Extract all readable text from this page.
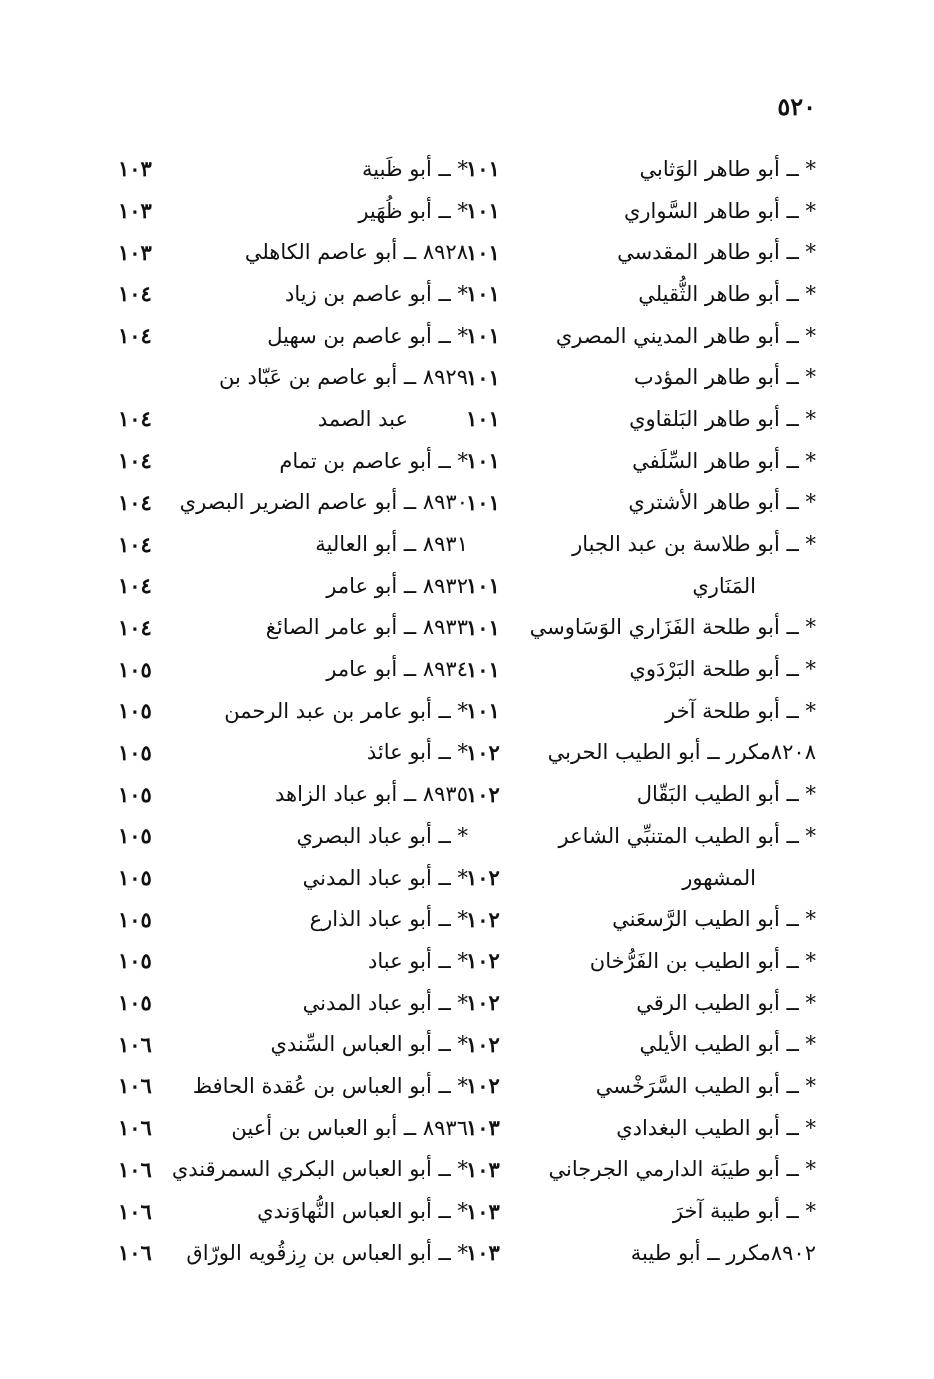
٥٢٠
* ــ أبو طاهر الوَثابي
١٠١
* ــ أبو طاهر السَّواري
١٠١
* ــ أبو طاهر المقدسي
١٠١
* ــ أبو طاهر الثُّقيلي
١٠١
* ــ أبو طاهر المديني المصري
١٠١
* ــ أبو طاهر المؤدب
١٠١
* ــ أبو طاهر البَلقاوي
١٠١
* ــ أبو طاهر السِّلَفي
١٠١
* ــ أبو طاهر الأشتري
١٠١
* ــ أبو طلاسة بن عبد الجبار
المَنَاري
١٠١
* ــ أبو طلحة الفَزَاري الوَسَاوسي
١٠١
* ــ أبو طلحة البَرْدَوي
١٠١
* ــ أبو طلحة آخر
١٠١
٨٢٠٨مكرر ــ أبو الطيب الحربي
١٠٢
* ــ أبو الطيب البَقّال
١٠٢
* ــ أبو الطيب المتنبِّي الشاعر
المشهور
١٠٢
* ــ أبو الطيب الرَّسعَني
١٠٢
* ــ أبو الطيب بن الفَرُّخان
١٠٢
* ــ أبو الطيب الرقي
١٠٢
* ــ أبو الطيب الأيلي
١٠٢
* ــ أبو الطيب السَّرَخْسي
١٠٢
* ــ أبو الطيب البغدادي
١٠٣
* ــ أبو طيبَة الدارمي الجرجاني
١٠٣
* ــ أبو طيبة آخرَ
١٠٣
٨٩٠٢مكرر ــ أبو طيبة
١٠٣
* ــ أبو ظَبية
١٠٣
* ــ أبو ظُهَير
١٠٣
٨٩٢٨ ــ أبو عاصم الكاهلي
١٠٣
* ــ أبو عاصم بن زياد
١٠٤
* ــ أبو عاصم بن سهيل
١٠٤
٨٩٢٩ ــ أبو عاصم بن عَبّاد بن
عبد الصمد
١٠٤
* ــ أبو عاصم بن تمام
١٠٤
٨٩٣٠ ــ أبو عاصم الضرير البصري
١٠٤
٨٩٣١ ــ أبو العالية
١٠٤
٨٩٣٢ ــ أبو عامر
١٠٤
٨٩٣٣ ــ أبو عامر الصائغ
١٠٤
٨٩٣٤ ــ أبو عامر
١٠٥
* ــ أبو عامر بن عبد الرحمن
١٠٥
* ــ أبو عائذ
١٠٥
٨٩٣٥ ــ أبو عباد الزاهد
١٠٥
* ــ أبو عباد البصري
١٠٥
* ــ أبو عباد المدني
١٠٥
* ــ أبو عباد الذارع
١٠٥
* ــ أبو عباد
١٠٥
* ــ أبو عباد المدني
١٠٥
* ــ أبو العباس السِّندي
١٠٦
* ــ أبو العباس بن عُقدة الحافظ
١٠٦
٨٩٣٦ ــ أبو العباس بن أعين
١٠٦
* ــ أبو العباس البكري السمرقندي
١٠٦
* ــ أبو العباس النُّهاوَندي
١٠٦
* ــ أبو العباس بن رِزقُويه الورّاق
١٠٦
